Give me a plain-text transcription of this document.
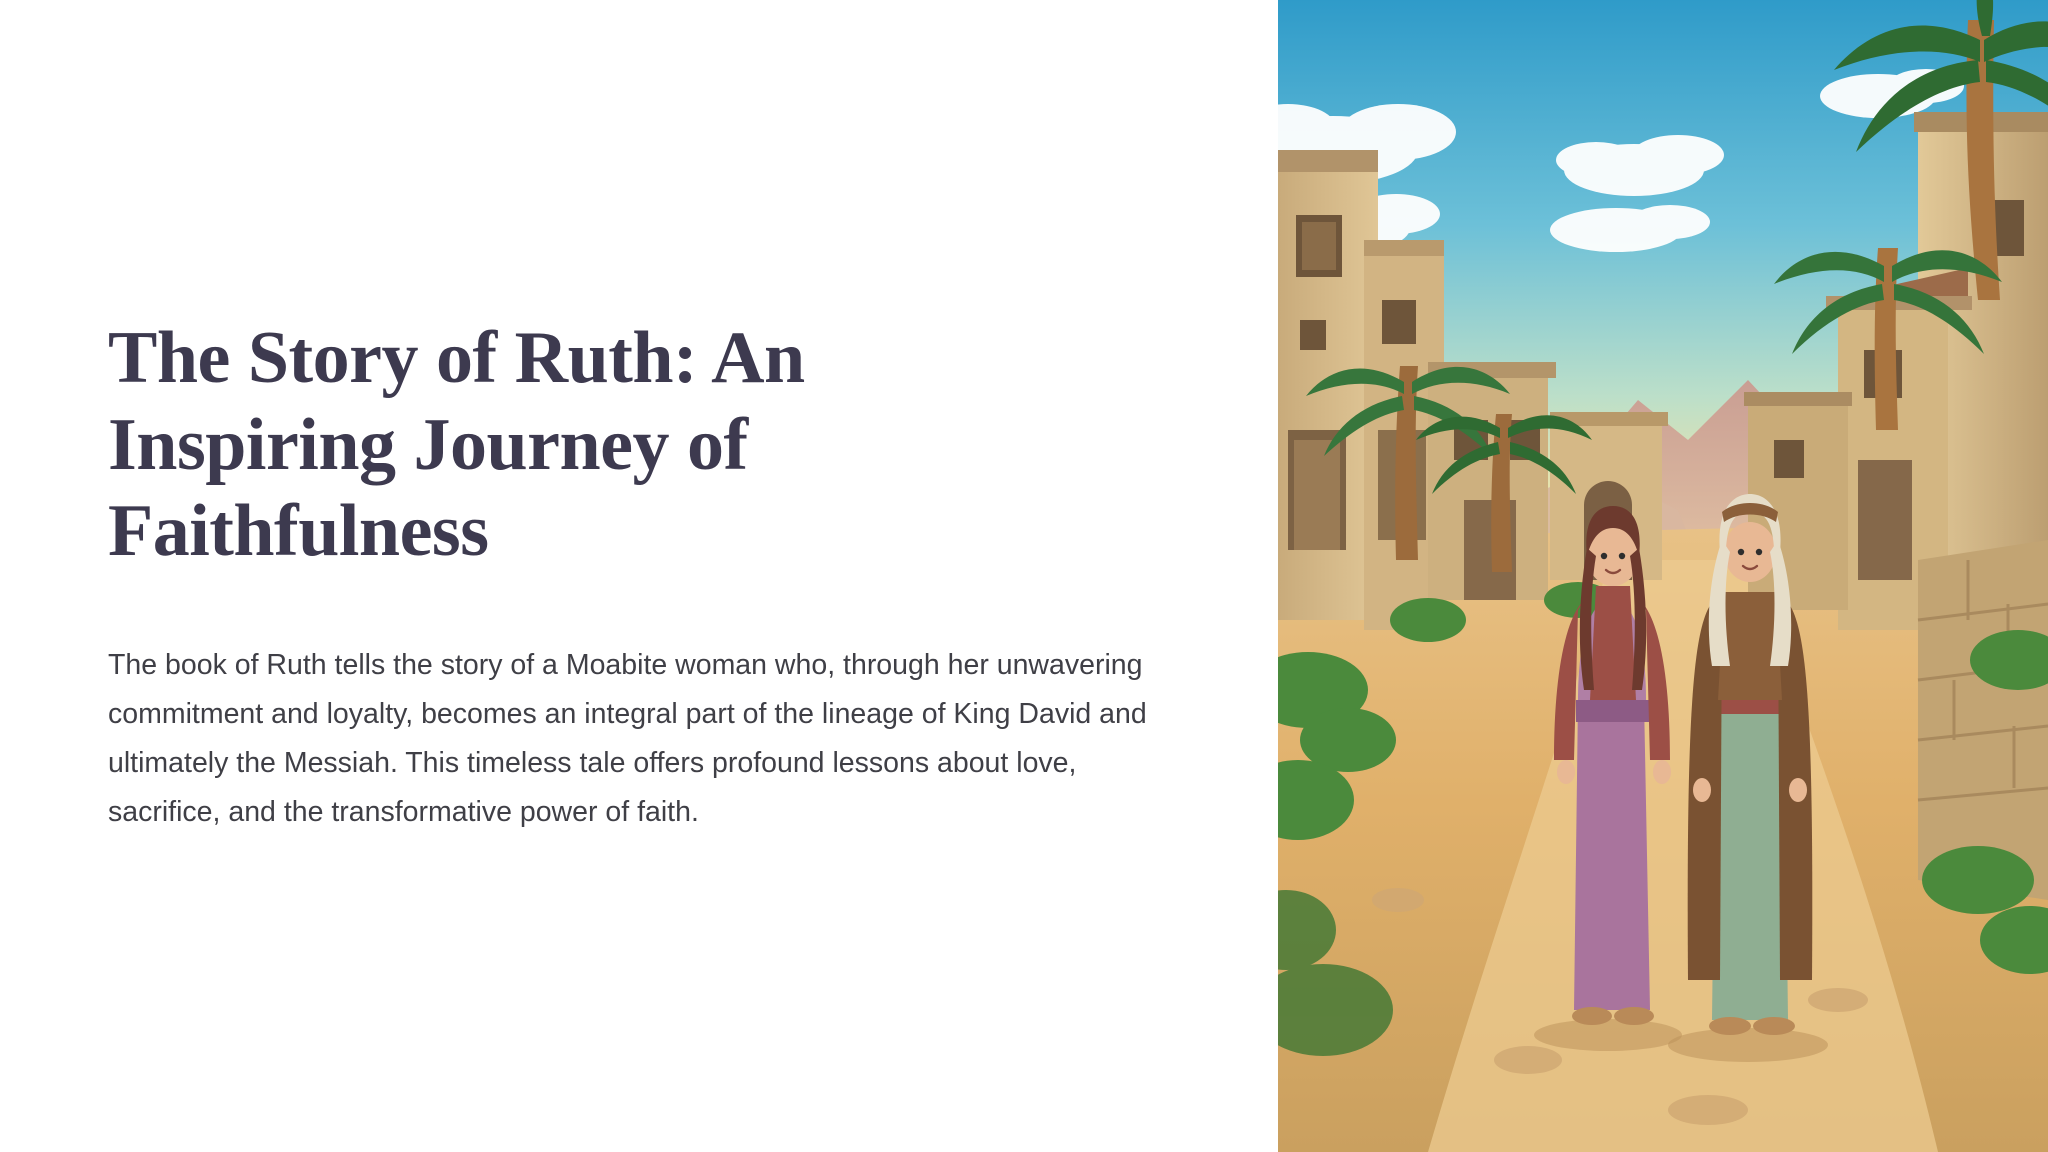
The Story of Ruth: An Inspiring Journey of Faithfulness

The book of Ruth tells the story of a Moabite woman who, through her unwavering commitment and loyalty, becomes an integral part of the lineage of King David and ultimately the Messiah. This timeless tale offers profound lessons about love, sacrifice, and the transformative power of faith.
